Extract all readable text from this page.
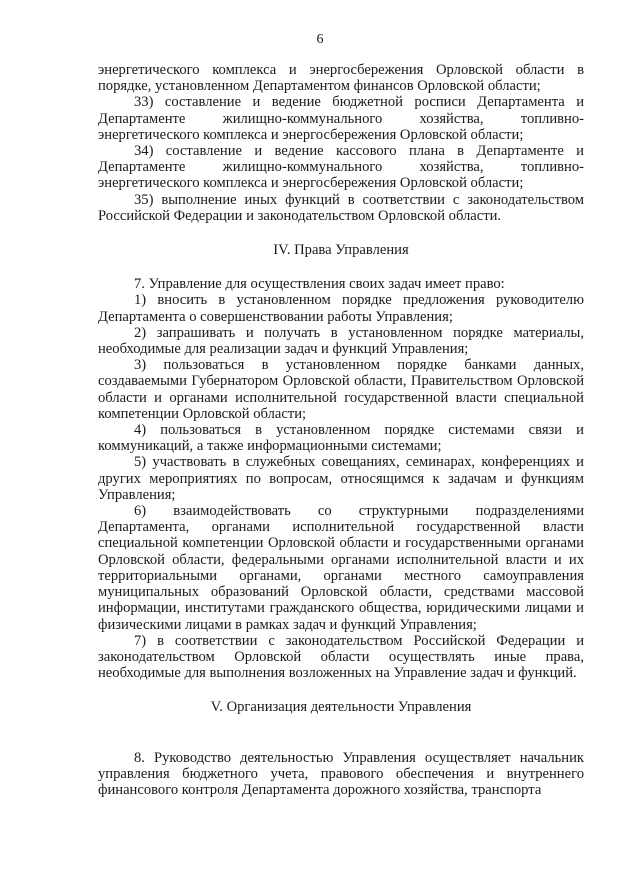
6

энергетического комплекса и энергосбережения Орловской области в порядке, установленном Департаментом финансов Орловской области;

33) составление и ведение бюджетной росписи Департамента и Департаменте жилищно-коммунального хозяйства, топливно-энергетического комплекса и энергосбережения Орловской области;

34) составление и ведение кассового плана в Департаменте и Департаменте жилищно-коммунального хозяйства, топливно-энергетического комплекса и энергосбережения Орловской области;

35) выполнение иных функций в соответствии с законодательством Российской Федерации и законодательством Орловской области.

IV. Права Управления

7. Управление для осуществления своих задач имеет право:

1) вносить в установленном порядке предложения руководителю Департамента о совершенствовании работы Управления;

2) запрашивать и получать в установленном порядке материалы, необходимые для реализации задач и функций Управления;

3) пользоваться в установленном порядке банками данных, создаваемыми Губернатором Орловской области, Правительством Орловской области и органами исполнительной государственной власти специальной компетенции Орловской области;

4) пользоваться в установленном порядке системами связи и коммуникаций, а также информационными системами;

5) участвовать в служебных совещаниях, семинарах, конференциях и других мероприятиях по вопросам, относящимся к задачам и функциям Управления;

6) взаимодействовать со структурными подразделениями Департамента, органами исполнительной государственной власти специальной компетенции Орловской области и государственными органами Орловской области, федеральными органами исполнительной власти и их территориальными органами, органами местного самоуправления муниципальных образований Орловской области, средствами массовой информации, институтами гражданского общества, юридическими лицами и физическими лицами в рамках задач и функций Управления;

7) в соответствии с законодательством Российской Федерации и законодательством Орловской области осуществлять иные права, необходимые для выполнения возложенных на Управление задач и функций.

V. Организация деятельности Управления

8. Руководство деятельностью Управления осуществляет начальник управления бюджетного учета, правового обеспечения и внутреннего финансового контроля Департамента дорожного хозяйства, транспорта
